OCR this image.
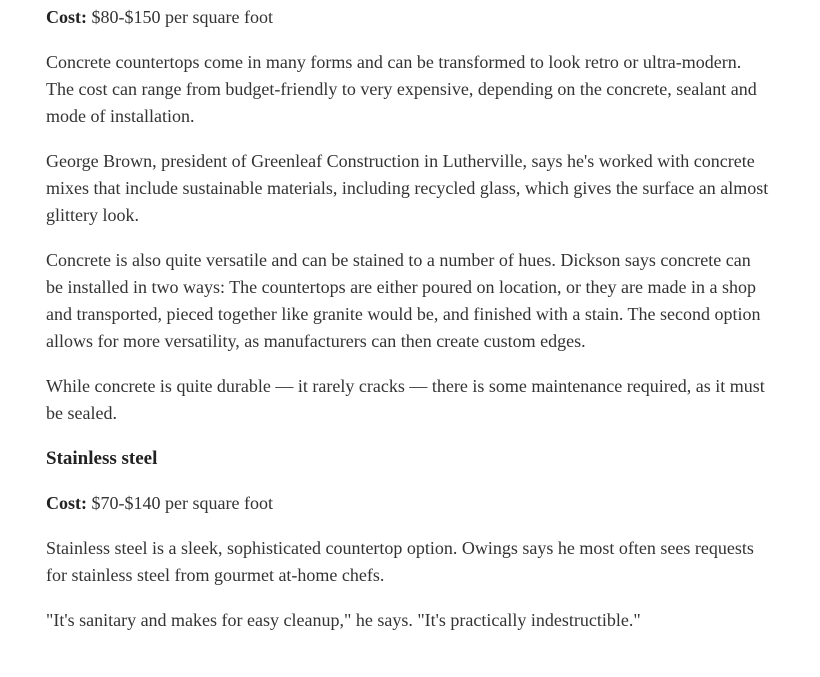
Cost: $80-$150 per square foot

Concrete countertops come in many forms and can be transformed to look retro or ultra-modern. The cost can range from budget-friendly to very expensive, depending on the concrete, sealant and mode of installation.

George Brown, president of Greenleaf Construction in Lutherville, says he's worked with concrete mixes that include sustainable materials, including recycled glass, which gives the surface an almost glittery look.

Concrete is also quite versatile and can be stained to a number of hues. Dickson says concrete can be installed in two ways: The countertops are either poured on location, or they are made in a shop and transported, pieced together like granite would be, and finished with a stain. The second option allows for more versatility, as manufacturers can then create custom edges.

While concrete is quite durable — it rarely cracks — there is some maintenance required, as it must be sealed.

Stainless steel

Cost: $70-$140 per square foot

Stainless steel is a sleek, sophisticated countertop option. Owings says he most often sees requests for stainless steel from gourmet at-home chefs.

"It's sanitary and makes for easy cleanup," he says. "It's practically indestructible."
